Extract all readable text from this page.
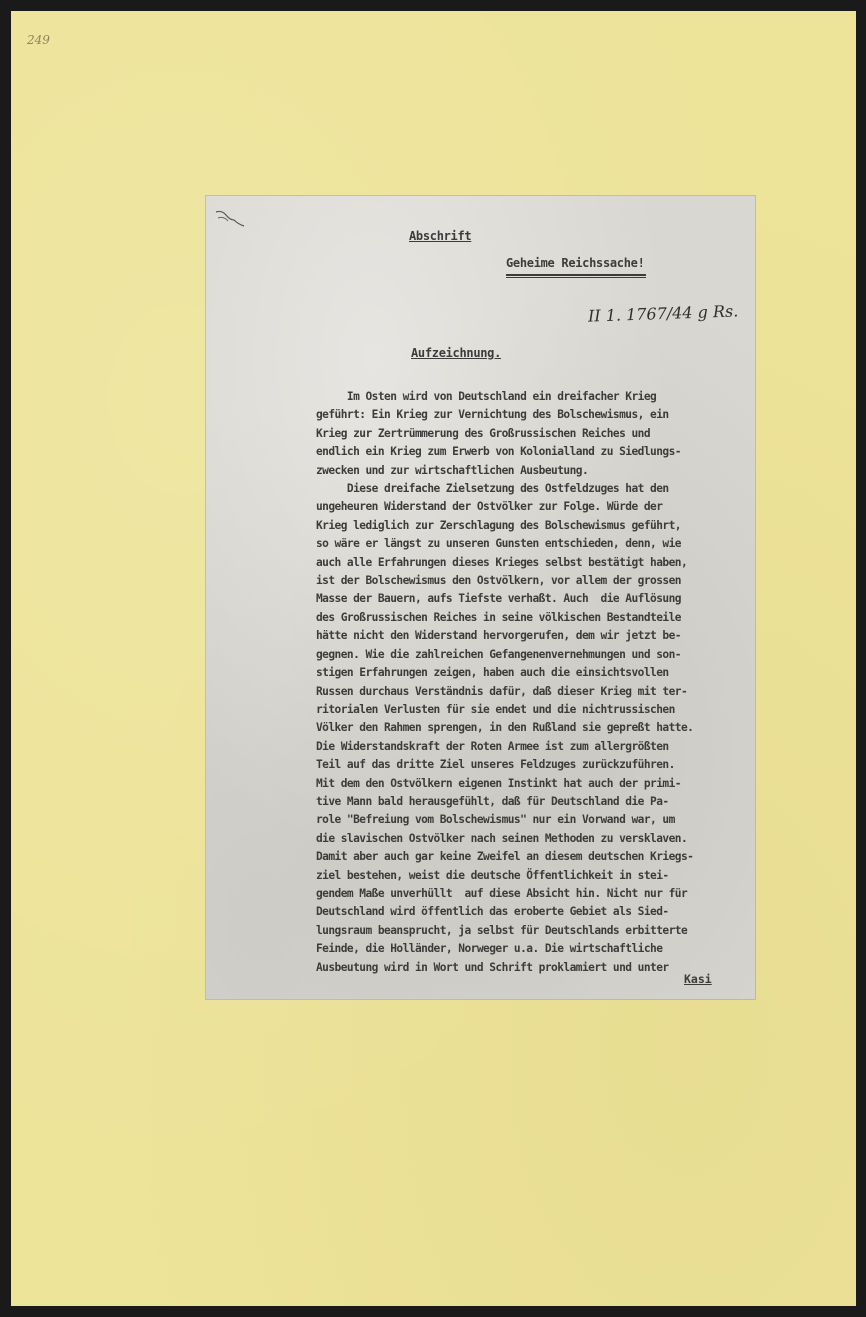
249
Abschrift
Geheime Reichssache!
II 1. 1767/44 g Rs.
Aufzeichnung.
Im Osten wird von Deutschland ein dreifacher Krieg
geführt: Ein Krieg zur Vernichtung des Bolschewismus, ein
Krieg zur Zertrümmerung des Großrussischen Reiches und
endlich ein Krieg zum Erwerb von Kolonialland zu Siedlungs-
zwecken und zur wirtschaftlichen Ausbeutung.
Diese dreifache Zielsetzung des Ostfeldzuges hat den
ungeheuren Widerstand der Ostvölker zur Folge. Würde der
Krieg lediglich zur Zerschlagung des Bolschewismus geführt,
so wäre er längst zu unseren Gunsten entschieden, denn, wie
auch alle Erfahrungen dieses Krieges selbst bestätigt haben,
ist der Bolschewismus den Ostvölkern, vor allem der grossen
Masse der Bauern, aufs Tiefste verhaßt. Auch  die Auflösung
des Großrussischen Reiches in seine völkischen Bestandteile
hätte nicht den Widerstand hervorgerufen, dem wir jetzt be-
gegnen. Wie die zahlreichen Gefangenenvernehmungen und son-
stigen Erfahrungen zeigen, haben auch die einsichtsvollen
Russen durchaus Verständnis dafür, daß dieser Krieg mit ter-
ritorialen Verlusten für sie endet und die nichtrussischen
Völker den Rahmen sprengen, in den Rußland sie gepreßt hatte.
Die Widerstandskraft der Roten Armee ist zum allergrößten
Teil auf das dritte Ziel unseres Feldzuges zurückzuführen.
Mit dem den Ostvölkern eigenen Instinkt hat auch der primi-
tive Mann bald herausgefühlt, daß für Deutschland die Pa-
role "Befreiung vom Bolschewismus" nur ein Vorwand war, um
die slavischen Ostvölker nach seinen Methoden zu versklaven.
Damit aber auch gar keine Zweifel an diesem deutschen Kriegs-
ziel bestehen, weist die deutsche Öffentlichkeit in stei-
gendem Maße unverhüllt  auf diese Absicht hin. Nicht nur für
Deutschland wird öffentlich das eroberte Gebiet als Sied-
lungsraum beansprucht, ja selbst für Deutschlands erbitterte
Feinde, die Holländer, Norweger u.a. Die wirtschaftliche
Ausbeutung wird in Wort und Schrift proklamiert und unter
Kasi
